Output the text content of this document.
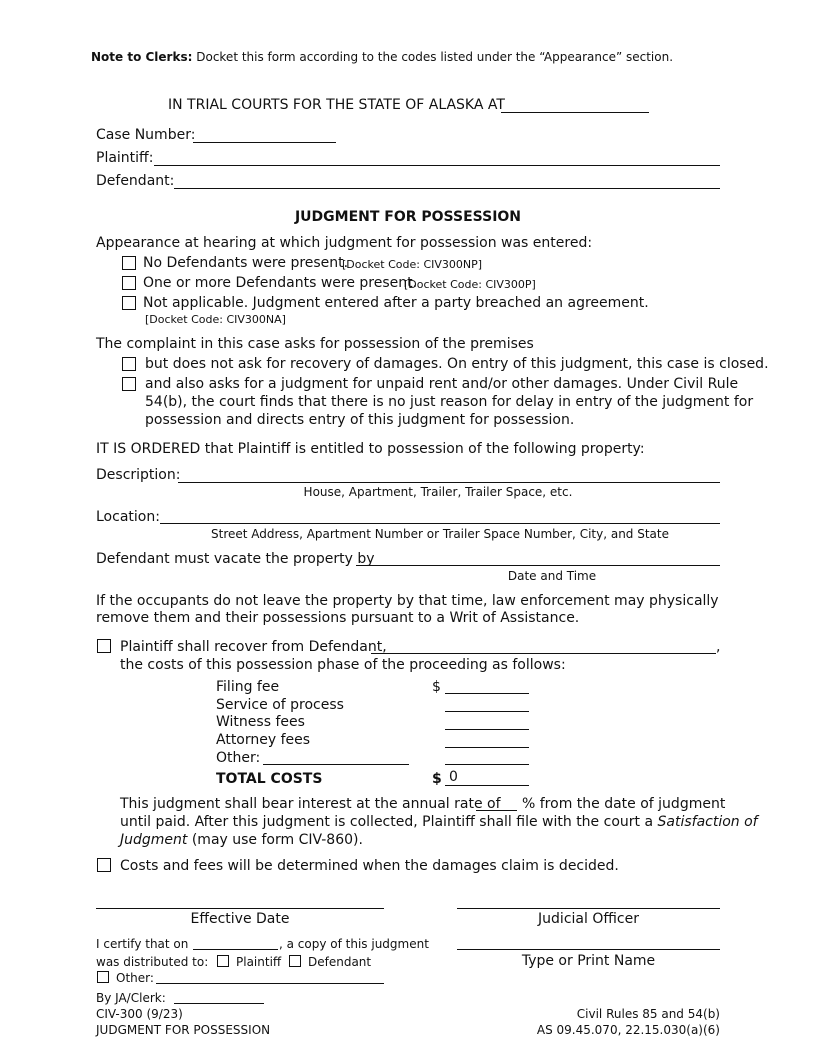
Note to Clerks: Docket this form according to the codes listed under the “Appearance” section.
IN TRIAL COURTS FOR THE STATE OF ALASKA AT
Case Number:
Plaintiff:
Defendant:
JUDGMENT FOR POSSESSION
Appearance at hearing at which judgment for possession was entered:
No Defendants were present.
[Docket Code: CIV300NP]
One or more Defendants were present.
[Docket Code: CIV300P]
Not applicable. Judgment entered after a party breached an agreement.
[Docket Code: CIV300NA]
The complaint in this case asks for possession of the premises
but does not ask for recovery of damages. On entry of this judgment, this case is closed.
and also asks for a judgment for unpaid rent and/or other damages. Under Civil Rule
54(b), the court finds that there is no just reason for delay in entry of the judgment for
possession and directs entry of this judgment for possession.
IT IS ORDERED that Plaintiff is entitled to possession of the following property:
Description:
House, Apartment, Trailer, Trailer Space, etc.
Location:
Street Address, Apartment Number or Trailer Space Number, City, and State
Defendant must vacate the property by
Date and Time
If the occupants do not leave the property by that time, law enforcement may physically
remove them and their possessions pursuant to a Writ of Assistance.
Plaintiff shall recover from Defendant,	,
the costs of this possession phase of the proceeding as follows:
Filing fee	$
Service of process
Witness fees
Attorney fees
Other:
TOTAL COSTS	$ 0
This judgment shall bear interest at the annual rate of % from the date of judgment
until paid. After this judgment is collected, Plaintiff shall file with the court a Satisfaction of
Judgment (may use form CIV-860).
Costs and fees will be determined when the damages claim is decided.
Effective Date	Judicial Officer
Type or Print Name
I certify that on	, a copy of this judgment
was distributed to: Plaintiff Defendant
Other:
By JA/Clerk:
CIV-300 (9/23)
JUDGMENT FOR POSSESSION
Civil Rules 85 and 54(b)
AS 09.45.070, 22.15.030(a)(6)
